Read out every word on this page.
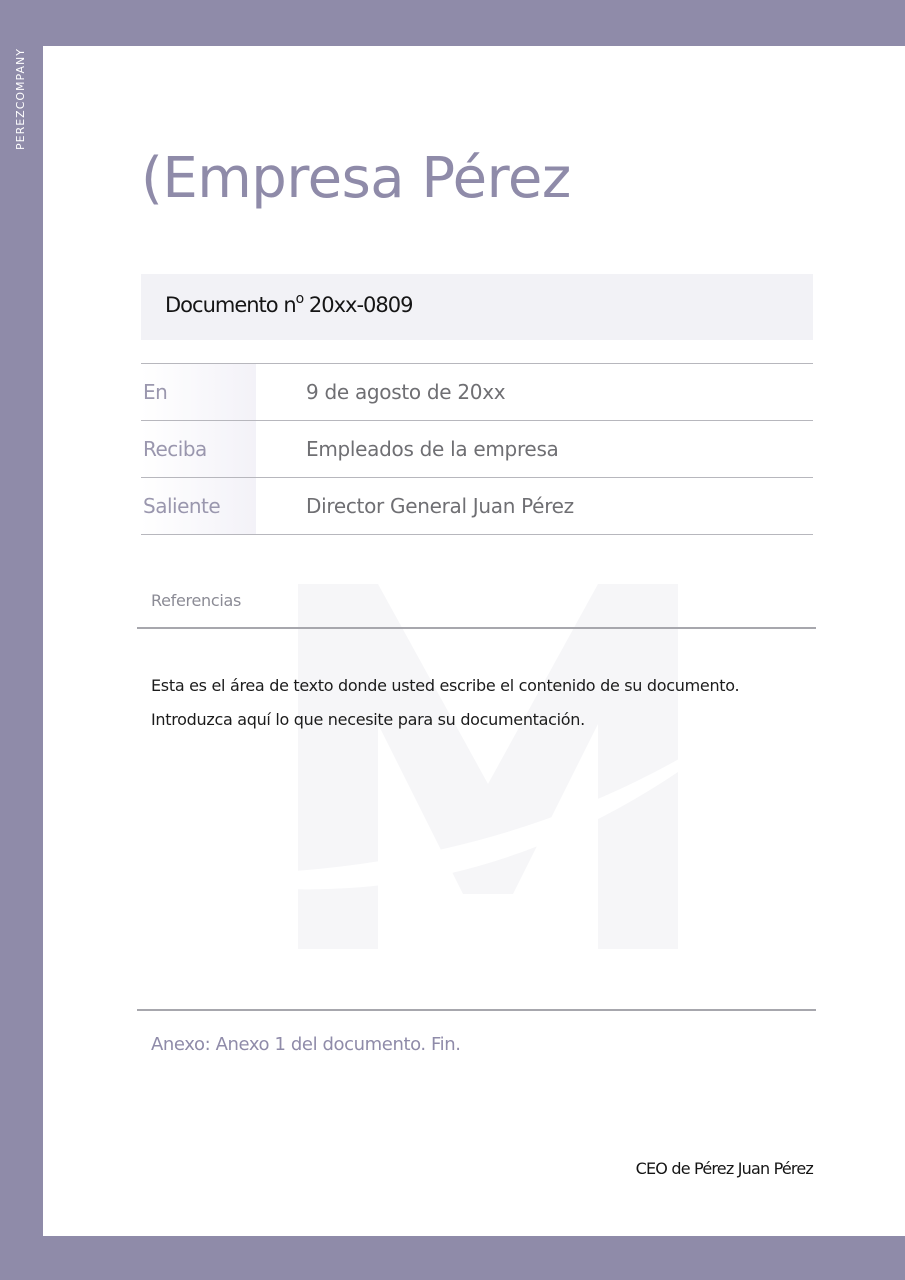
PEREZCOMPANY
(Empresa Pérez
Documento $n^o$ 20xx-0809
En	9 de agosto de 20xx
Reciba	Empleados de la empresa
Saliente	Director General Juan Pérez
Referencias

Esta es el área de texto donde usted escribe el contenido de su documento.

Introduzca aquí lo que necesite para su documentación.

Anexo: Anexo 1 del documento. Fin.
CEO de Pérez Juan Pérez
